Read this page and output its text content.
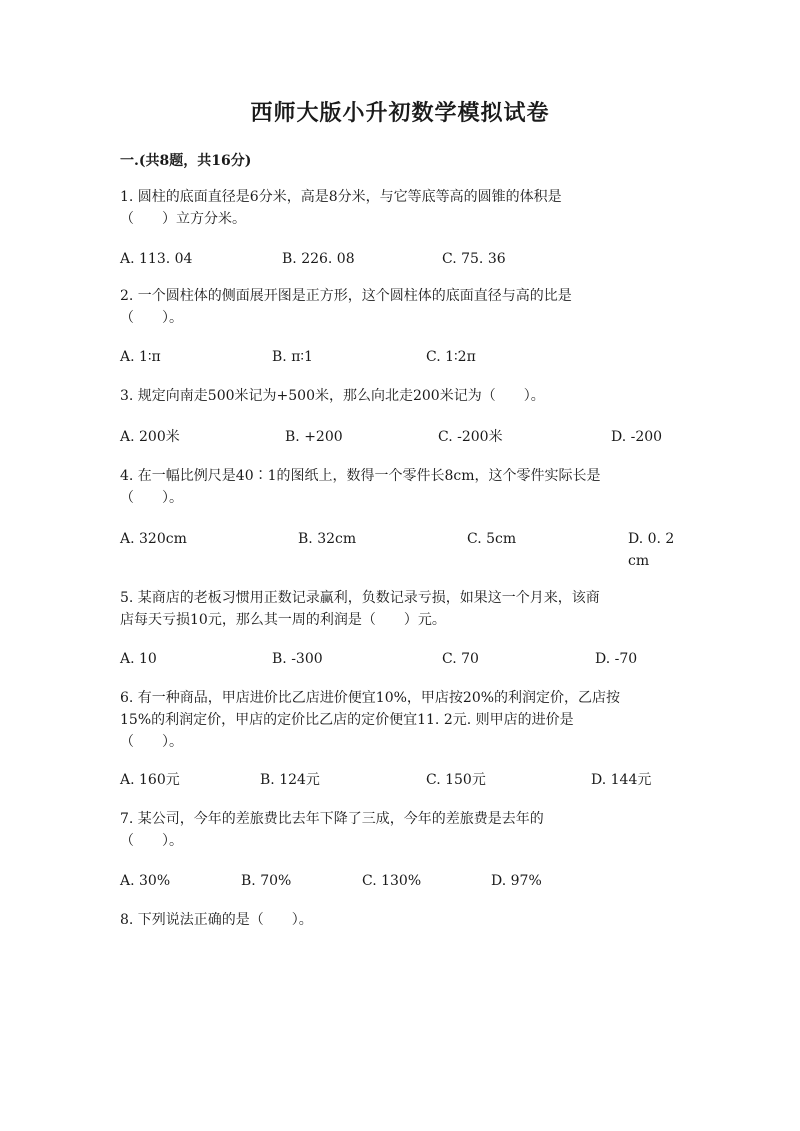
西师大版小升初数学模拟试卷
一.(共8题，共16分)
1. 圆柱的底面直径是6分米，高是8分米，与它等底等高的圆锥的体积是
（　　）立方分米。
A. 113. 04	B. 226. 08	C. 75. 36
2. 一个圆柱体的侧面展开图是正方形，这个圆柱体的底面直径与高的比是
（　　）。
A. 1∶π	B. π∶1	C. 1∶2π
3. 规定向南走500米记为+500米，那么向北走200米记为（　　）。
A. 200米	B. +200	C. -200米	D. -200
4. 在一幅比例尺是40∶1的图纸上，数得一个零件长8cm，这个零件实际长是
（　　）。
A. 320cm	B. 32cm	C. 5cm	D. 0. 2cm
5. 某商店的老板习惯用正数记录赢利，负数记录亏损，如果这一个月来，该商
店每天亏损10元，那么其一周的利润是（　　）元。
A. 10	B. -300	C. 70	D. -70
6. 有一种商品，甲店进价比乙店进价便宜10%，甲店按20%的利润定价，乙店按
15%的利润定价，甲店的定价比乙店的定价便宜11. 2元. 则甲店的进价是
（　　）。
A. 160元	B. 124元	C. 150元	D. 144元
7. 某公司，今年的差旅费比去年下降了三成，今年的差旅费是去年的
（　　）。
A. 30%	B. 70%	C. 130%	D. 97%
8. 下列说法正确的是（　　）。
